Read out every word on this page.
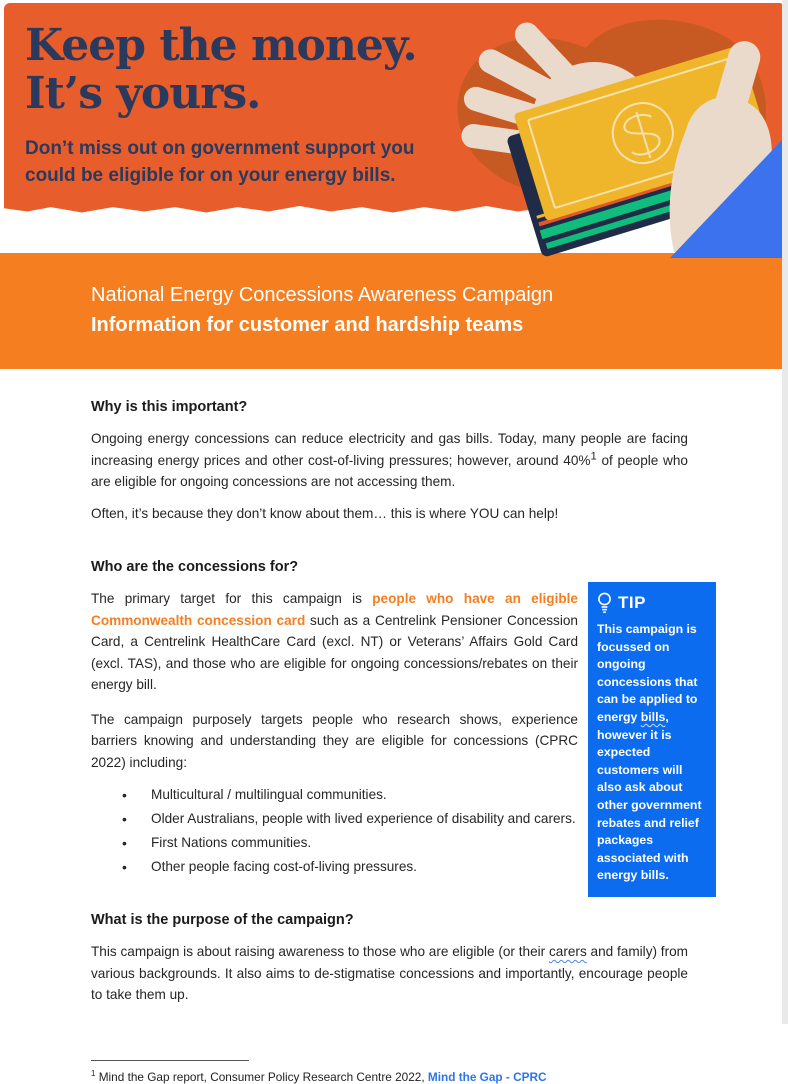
Keep the money.
It’s yours.
Don’t miss out on government support you
could be eligible for on your energy bills.
National Energy Concessions Awareness Campaign
Information for customer and hardship teams
Why is this important?
Ongoing energy concessions can reduce electricity and gas bills. Today, many people are facing increasing energy prices and other cost-of-living pressures; however, around 40%$^1$ of people who are eligible for ongoing concessions are not accessing them.
Often, it’s because they don’t know about them… this is where YOU can help!
Who are the concessions for?
The primary target for this campaign is people who have an eligible Commonwealth concession card such as a Centrelink Pensioner Concession Card, a Centrelink HealthCare Card (excl. NT) or Veterans’ Affairs Gold Card (excl. TAS), and those who are eligible for ongoing concessions/rebates on their energy bill.
The campaign purposely targets people who research shows, experience barriers knowing and understanding they are eligible for concessions (CPRC 2022) including:
• Multicultural / multilingual communities.
• Older Australians, people with lived experience of disability and carers.
• First Nations communities.
• Other people facing cost-of-living pressures.
What is the purpose of the campaign?
This campaign is about raising awareness to those who are eligible (or their carers and family) from various backgrounds. It also aims to de-stigmatise concessions and importantly, encourage people to take them up.
$^1$ Mind the Gap report, Consumer Policy Research Centre 2022, Mind the Gap - CPRC
TIP
This campaign is focussed on ongoing concessions that can be applied to energy bills, however it is expected customers will also ask about other government rebates and relief packages associated with energy bills.
